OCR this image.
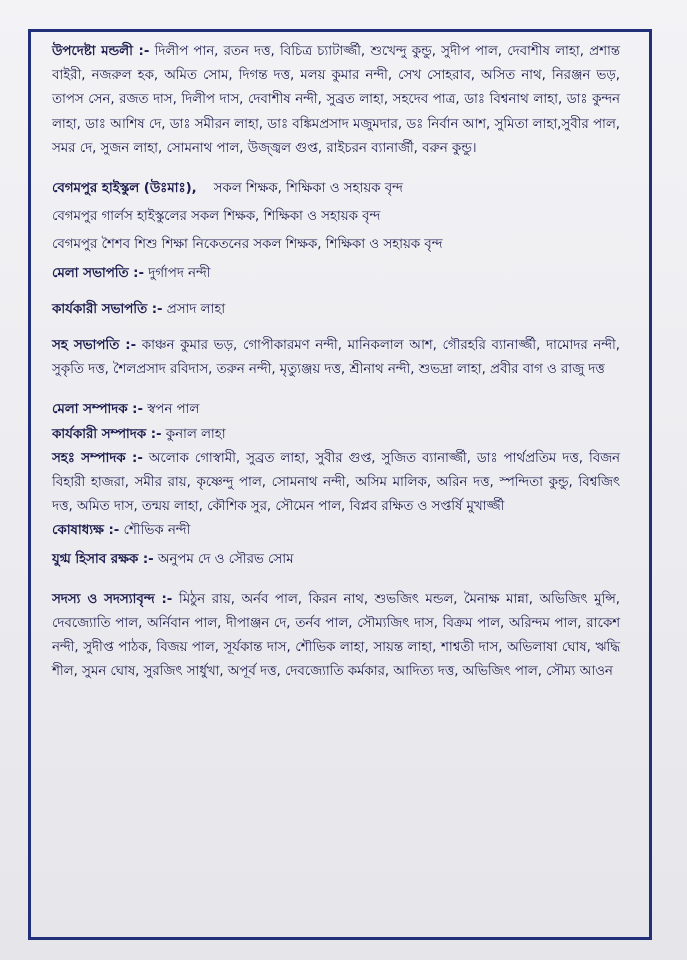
উপদেষ্টা মন্ডলী :- দিলীপ পান, রতন দত্ত, বিচিত্র চ্যাটার্জ্জী, শুখেন্দু কুন্ডু, সুদীপ পাল, দেবাশীষ লাহা, প্রশান্ত বাইরী, নজরুল হক, অমিত সোম, দিগন্ত দত্ত, মলয় কুমার নন্দী, সেখ সোহরাব, অসিত নাথ, নিরঞ্জন ভড়, তাপস সেন, রজত দাস, দিলীপ দাস, দেবাশীষ নন্দী, সুব্রত লাহা, সহদেব পাত্র, ডাঃ বিশ্বনাথ লাহা, ডাঃ কুন্দন লাহা, ডাঃ আশিষ দে, ডাঃ সমীরন লাহা, ডাঃ বঙ্কিমপ্রসাদ মজুমদার, ডঃ নির্বান আশ, সুমিতা লাহা,সুবীর পাল, সমর দে, সুজন লাহা, সোমনাথ পাল, উজ্জ্বল গুপ্ত, রাইচরন ব্যানার্জী, বরুন কুন্ডু।

বেগমপুর হাইস্কুল (উঃমাঃ), সকল শিক্ষক, শিক্ষিকা ও সহায়ক বৃন্দ

বেগমপুর গার্লস হাইস্কুলের সকল শিক্ষক, শিক্ষিকা ও সহায়ক বৃন্দ

বেগমপুর শৈশব শিশু শিক্ষা নিকেতনের সকল শিক্ষক, শিক্ষিকা ও সহায়ক বৃন্দ

মেলা সভাপতি :- দুর্গাপদ নন্দী

কার্যকারী সভাপতি :- প্রসাদ লাহা

সহ সভাপতি :- কাঞ্চন কুমার ভড়, গোপীকারমণ নন্দী, মানিকলাল আশ, গৌরহরি ব্যানার্জ্জী, দামোদর নন্দী, সুকৃতি দত্ত, শৈলপ্রসাদ রবিদাস, তরুন নন্দী, মৃত্যুঞ্জয় দত্ত, শ্রীনাথ নন্দী, শুভদ্রা লাহা, প্রবীর বাগ ও রাজু দত্ত

মেলা সম্পাদক :- স্বপন পাল

কার্যকারী সম্পাদক :- কুনাল লাহা

সহঃ সম্পাদক :- অলোক গোস্বামী, সুব্রত লাহা, সুবীর গুপ্ত, সুজিত ব্যানার্জ্জী, ডাঃ পার্থপ্রতিম দত্ত, বিজন বিহারী হাজরা, সমীর রায়, কৃষ্ণেন্দু পাল, সোমনাথ নন্দী, অসিম মালিক, অরিন দত্ত, স্পন্দিতা কুন্ডু, বিশ্বজিৎ দত্ত, অমিত দাস, তন্ময় লাহা, কৌশিক সুর, সৌমেন পাল, বিপ্লব রক্ষিত ও সপ্তর্ষি মুখার্জ্জী

কোষাধ্যক্ষ :- শৌভিক নন্দী

যুগ্ম হিসাব রক্ষক :- অনুপম দে ও সৌরভ সোম

সদস্য ও সদস্যাবৃন্দ :- মিঠুন রায়, অর্নব পাল, কিরন নাথ, শুভজিৎ মন্ডল, মৈনাক্ষ মান্না, অভিজিৎ মুন্সি, দেবজ্যোতি পাল, অর্নিবান পাল, দীপাঞ্জন দে, তর্নব পাল, সৌম্যজিৎ দাস, বিক্রম পাল, অরিন্দম পাল, রাকেশ নন্দী, সুদীপ্ত পাঠক, বিজয় পাল, সূর্যকান্ত দাস, শৌভিক লাহা, সায়ন্ত লাহা, শাশ্বতী দাস, অভিলাষা ঘোষ, ঋদ্ধি শীল, সুমন ঘোষ, সুরজিৎ সার্ধুখা, অপূর্ব দত্ত, দেবজ্যোতি কর্মকার, আদিত্য দত্ত, অভিজিৎ পাল, সৌম্য আওন
